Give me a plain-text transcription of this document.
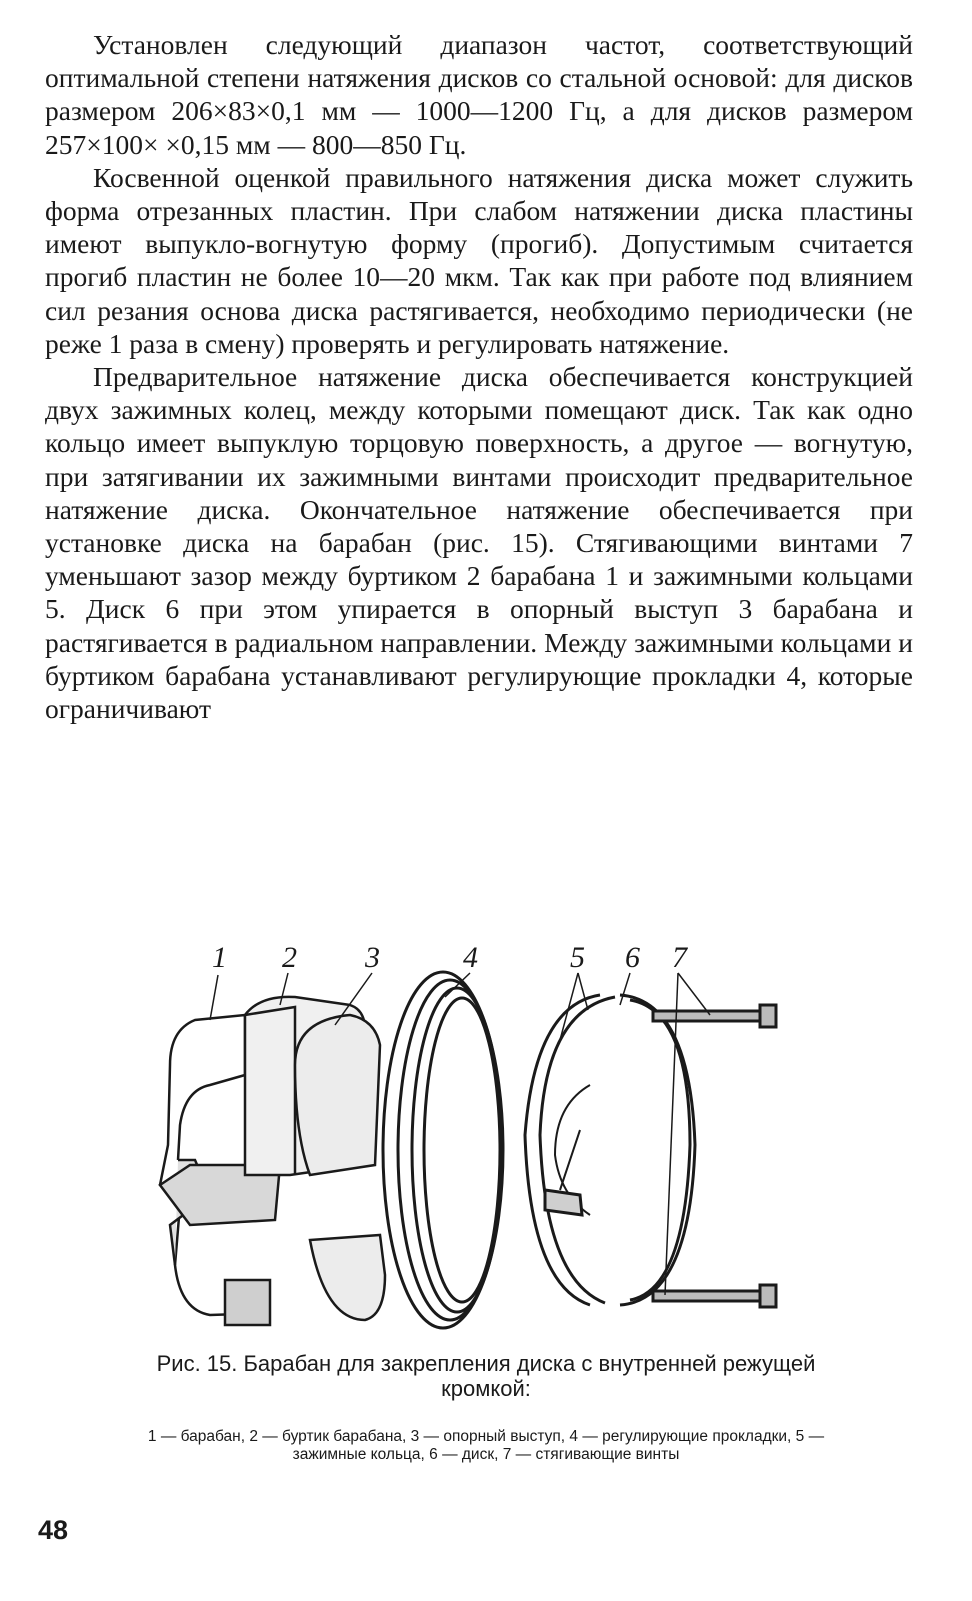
Установлен следующий диапазон частот, соответствующий оптимальной степени натяжения дисков со стальной основой: для дисков размером 206×83×0,1 мм — 1000—1200 Гц, а для дисков размером 257×100× ×0,15 мм — 800—850 Гц.

Косвенной оценкой правильного натяжения диска может служить форма отрезанных пластин. При слабом натяжении диска пластины имеют выпукло-вогнутую форму (прогиб). Допустимым считается прогиб пластин не более 10—20 мкм. Так как при работе под влиянием сил резания основа диска растягивается, необходимо периодически (не реже 1 раза в смену) проверять и регулировать натяжение.

Предварительное натяжение диска обеспечивается конструкцией двух зажимных колец, между которыми помещают диск. Так как одно кольцо имеет выпуклую торцовую поверхность, а другое — вогнутую, при затягивании их зажимными винтами происходит предварительное натяжение диска. Окончательное натяжение обеспечивается при установке диска на барабан (рис. 15). Стягивающими винтами 7 уменьшают зазор между буртиком 2 барабана 1 и зажимными кольцами 5. Диск 6 при этом упирается в опорный выступ 3 барабана и растягивается в радиальном направлении. Между зажимными кольцами и буртиком барабана устанавливают регулирующие прокладки 4, которые ограничивают

1 2 3	4	5 6 7

Рис. 15. Барабан для закрепления диска с внутренней режущей кромкой:

1 — барабан, 2 — буртик барабана, 3 — опорный выступ, 4 — регулирующие прокладки, 5 — зажимные кольца, 6 — диск, 7 — стягивающие винты

48
